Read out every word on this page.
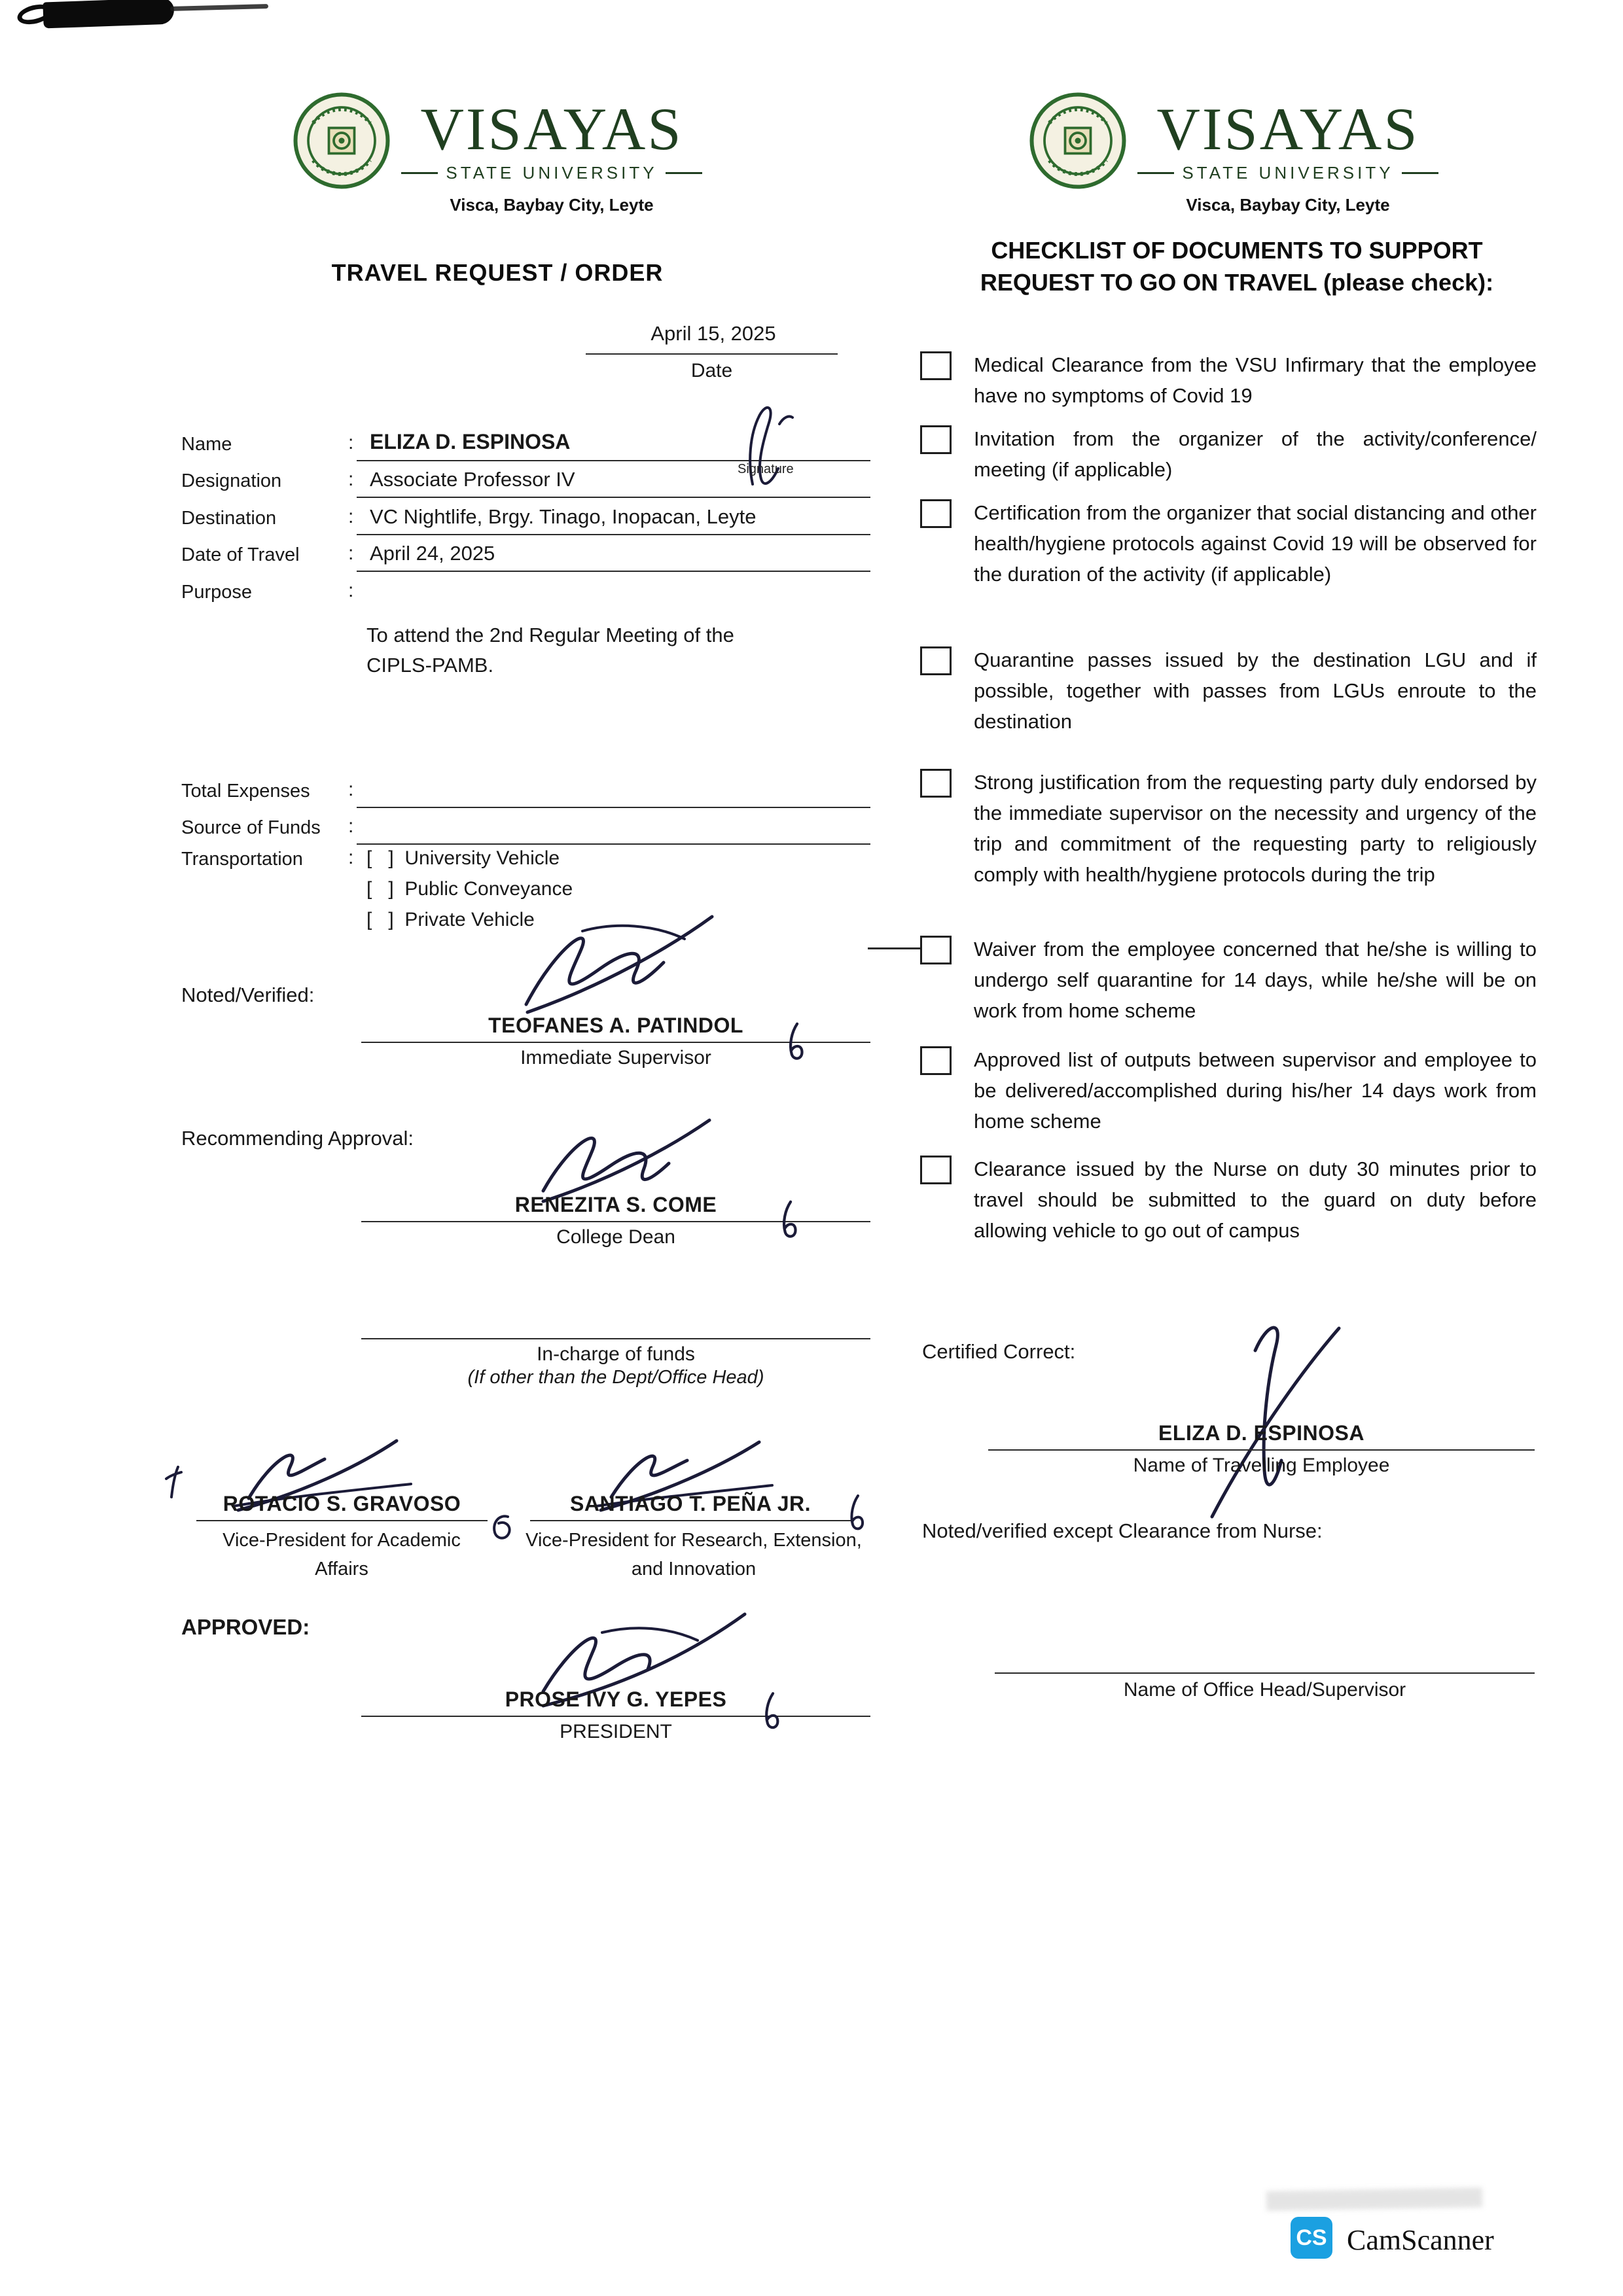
VISAYAS
STATE UNIVERSITY
Visca, Baybay City, Leyte
VISAYAS
STATE UNIVERSITY
Visca, Baybay City, Leyte
TRAVEL REQUEST / ORDER
CHECKLIST OF DOCUMENTS TO SUPPORT
REQUEST TO GO ON TRAVEL (please check):
April 15, 2025
Date
Name	: ELIZA D. ESPINOSA
Designation	: Associate Professor IV
Destination	: VC Nightlife, Brgy. Tinago, Inopacan, Leyte
Date of Travel : April 24, 2025
Purpose	:
Signature
To attend the 2nd Regular Meeting of the
CIPLS-PAMB.
Total Expenses :
Source of Funds :
Transportation : [   ]  University Vehicle
[   ]  Public Conveyance
[   ]  Private Vehicle
Noted/Verified:
TEOFANES A. PATINDOL
Immediate Supervisor
Recommending Approval:
RENEZITA S. COME
College Dean
In-charge of funds
(If other than the Dept/Office Head)
ROTACIO S. GRAVOSO
Vice-President for Academic
Affairs
SANTIAGO T. PEÑA JR.
Vice-President for Research, Extension,
and Innovation
APPROVED:
PROSE IVY G. YEPES
PRESIDENT

Medical Clearance from the VSU Infirmary that the employee have no symptoms of Covid 19

Invitation from the organizer of the activity/conference/ meeting (if applicable)

Certification from the organizer that social distancing and other health/hygiene protocols against Covid 19 will be observed for the duration of the activity (if applicable)

Quarantine passes issued by the destination LGU and if possible, together with passes from LGUs enroute to the destination

Strong justification from the requesting party duly endorsed by the immediate supervisor on the necessity and urgency of the trip and commitment of the requesting party to religiously comply with health/hygiene protocols during the trip

Waiver from the employee concerned that he/she is willing to undergo self quarantine for 14 days, while he/she will be on work from home scheme

Approved list of outputs between supervisor and employee to be delivered/accomplished during his/her 14 days work from home scheme

Clearance issued by the Nurse on duty 30 minutes prior to travel should be submitted to the guard on duty before allowing vehicle to go out of campus

Certified Correct:
ELIZA D. ESPINOSA
Name of Travelling Employee
Noted/verified except Clearance from Nurse:
Name of Office Head/Supervisor
CS CamScanner
